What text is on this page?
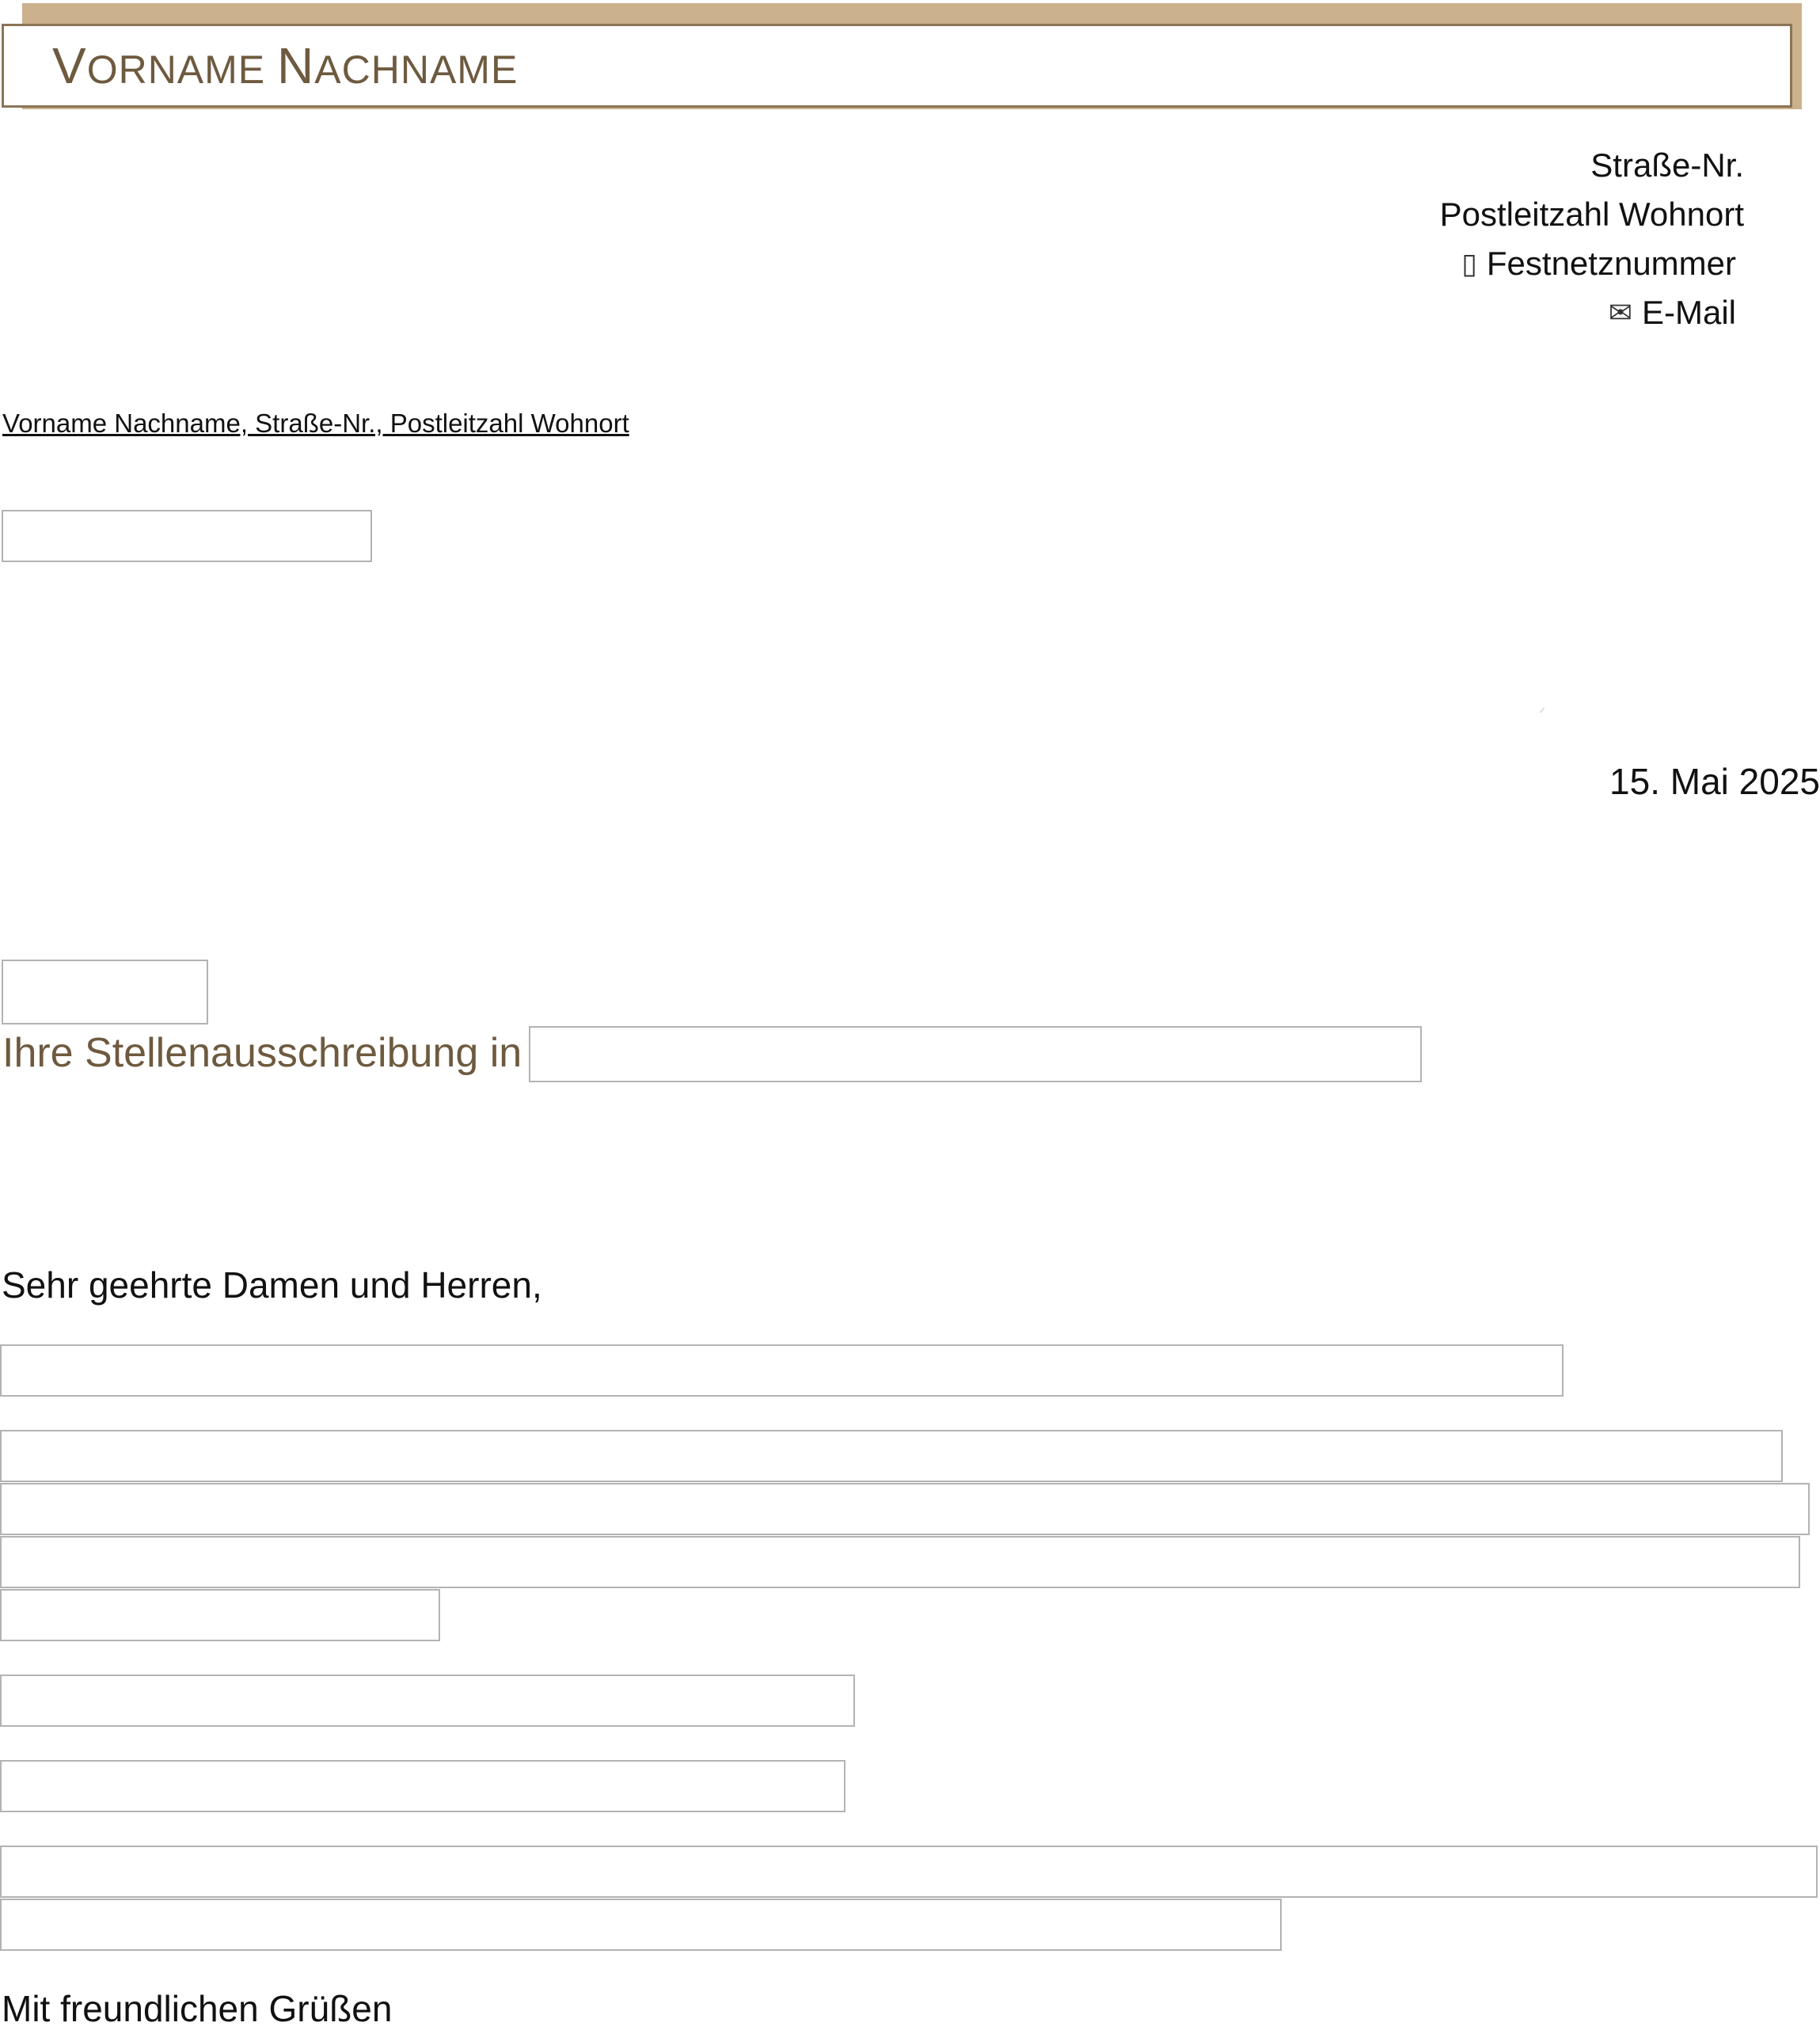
VORNAME NACHNAME
Straße-Nr.
Postleitzahl Wohnort
▯ Festnetznummer
✉ E-Mail
Vorname Nachname, Straße-Nr., Postleitzahl Wohnort
15. Mai 2025
Ihre Stellenausschreibung in
Sehr geehrte Damen und Herren,
Mit freundlichen Grüßen
